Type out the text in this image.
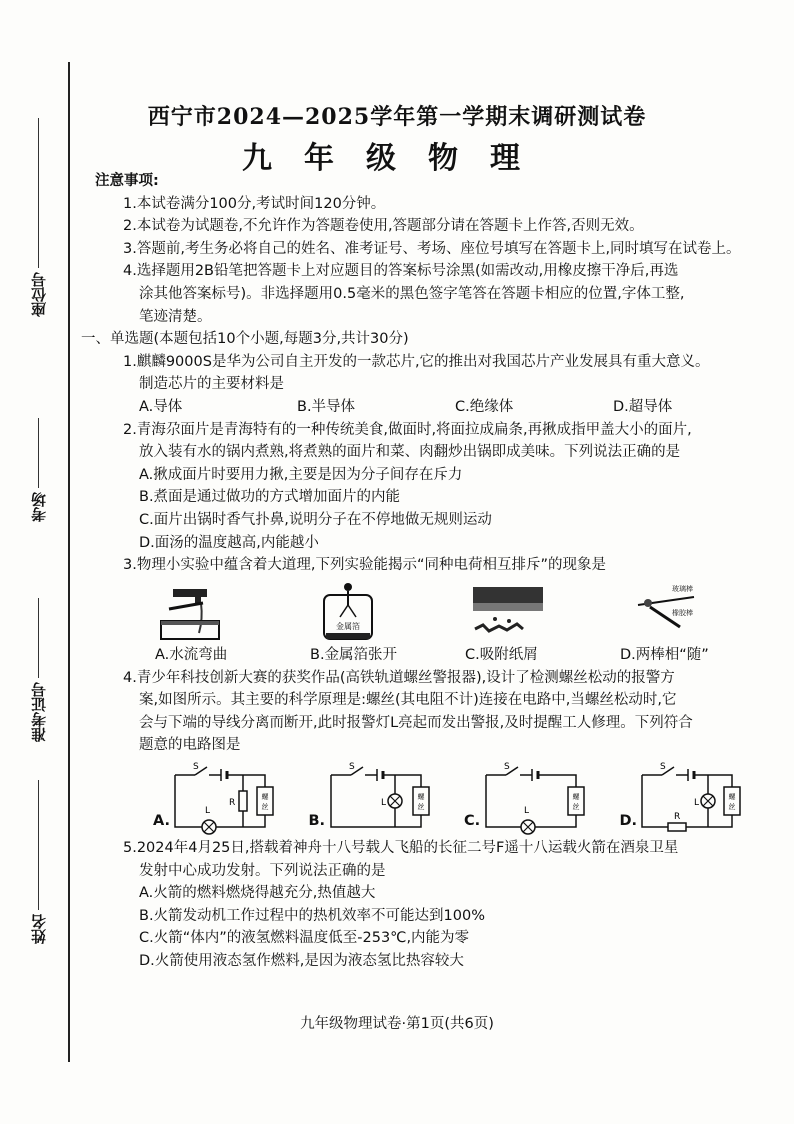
座位号
考场
准考证号
姓名
西宁市2024—2025学年第一学期末调研测试卷
九年级物理
注意事项:
1.本试卷满分100分,考试时间120分钟。
2.本试卷为试题卷,不允许作为答题卷使用,答题部分请在答题卡上作答,否则无效。
3.答题前,考生务必将自己的姓名、准考证号、考场、座位号填写在答题卡上,同时填写在试卷上。
4.选择题用2B铅笔把答题卡上对应题目的答案标号涂黑(如需改动,用橡皮擦干净后,再选
涂其他答案标号)。非选择题用0.5毫米的黑色签字笔答在答题卡相应的位置,字体工整,
笔迹清楚。
一、单选题(本题包括10个小题,每题3分,共计30分)
1.麒麟9000S是华为公司自主开发的一款芯片,它的推出对我国芯片产业发展具有重大意义。
制造芯片的主要材料是
A.导体	B.半导体	C.绝缘体	D.超导体
2.青海尕面片是青海特有的一种传统美食,做面时,将面拉成扁条,再揪成指甲盖大小的面片,
放入装有水的锅内煮熟,将煮熟的面片和菜、肉翻炒出锅即成美味。下列说法正确的是
A.揪成面片时要用力揪,主要是因为分子间存在斥力
B.煮面是通过做功的方式增加面片的内能
C.面片出锅时香气扑鼻,说明分子在不停地做无规则运动
D.面汤的温度越高,内能越小
3.物理小实验中蕴含着大道理,下列实验能揭示“同种电荷相互排斥”的现象是
A.水流弯曲
金属箔
B.金属箔张开	C.吸附纸屑
玻璃棒
橡胶棒
D.两棒相“随”
4.青少年科技创新大赛的获奖作品(高铁轨道螺丝警报器),设计了检测螺丝松动的报警方
案,如图所示。其主要的科学原理是:螺丝(其电阻不计)连接在电路中,当螺丝松动时,它
会与下端的导线分离而断开,此时报警灯L亮起而发出警报,及时提醒工人修理。下列符合
题意的电路图是
A.
S
R
螺
丝
L
B.
S
L
螺
丝
C.
S
螺
丝
L
D.
S
L
螺
丝
R
5.2024年4月25日,搭载着神舟十八号载人飞船的长征二号F遥十八运载火箭在酒泉卫星
发射中心成功发射。下列说法正确的是
A.火箭的燃料燃烧得越充分,热值越大
B.火箭发动机工作过程中的热机效率不可能达到100%
C.火箭“体内”的液氢燃料温度低至-253℃,内能为零
D.火箭使用液态氢作燃料,是因为液态氢比热容较大
九年级物理试卷·第1页(共6页)
